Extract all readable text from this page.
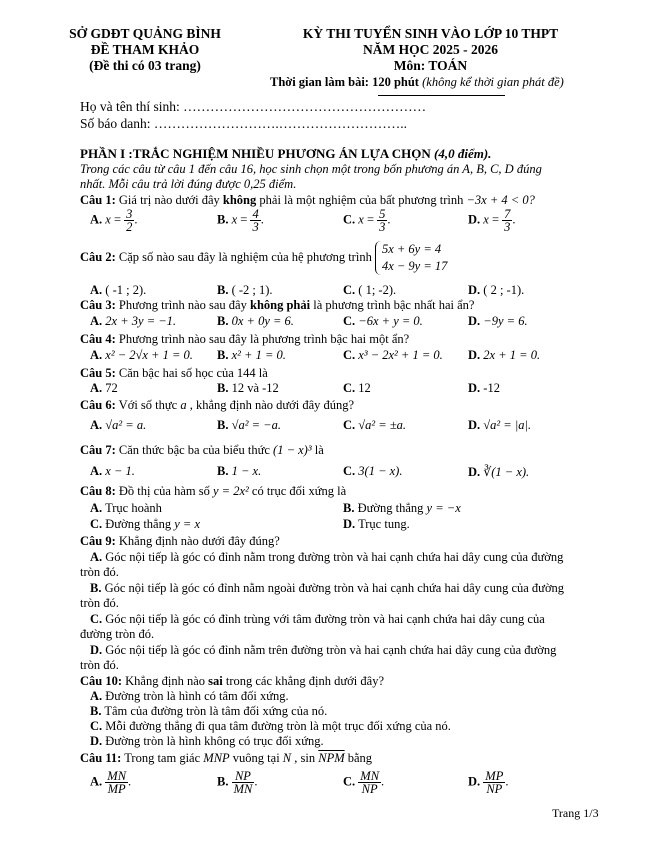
SỞ GDĐT QUẢNG BÌNH
ĐỀ THAM KHẢO
(Đề thi có 03 trang)
KỲ THI TUYỂN SINH VÀO LỚP 10 THPT
NĂM HỌC 2025 - 2026
Môn: TOÁN
Thời gian làm bài: 120 phút (không kể thời gian phát đề)
Họ và tên thí sinh: ………………………………………………
Số báo danh: ……………………….………………………..
PHẦN I :TRẮC NGHIỆM NHIỀU PHƯƠNG ÁN LỰA CHỌN (4,0 điểm).
Trong các câu từ câu 1 đến câu 16, học sinh chọn một trong bốn phương án A, B, C, D đúng
nhất. Mỗi câu trả lời đúng được 0,25 điểm.
Câu 1: Giá trị nào dưới đây không phải là một nghiệm của bất phương trình −3x + 4 < 0?
A. $x = \frac{3}{2}$ .	B. $x = \frac{4}{3}$ .	C. $x = \frac{5}{3}$ .	D. $x = \frac{7}{3}$ .
Câu 2: Cặp số nào sau đây là nghiệm của hệ phương trình
5x + 6y = 4
4x − 9y = 17
A. ( -1 ; 2).	B. ( -2 ; 1).	C. ( 1; -2).	D. ( 2 ; -1).
Câu 3: Phương trình nào sau đây không phải là phương trình bậc nhất hai ẩn?
A. 2x + 3y = −1.	B. 0x + 0y = 6.	C. −6x + y = 0.	D. −9y = 6.
Câu 4: Phương trình nào sau đây là phương trình bậc hai một ẩn?
A. x² − 2√x + 1 = 0. B. x² + 1 = 0.	C. x³ − 2x² + 1 = 0. D. 2x + 1 = 0.
Câu 5: Căn bậc hai số học của 144 là
A. 72	B. 12 và -12	C. 12	D. -12
Câu 6: Với số thực a , khẳng định nào dưới đây đúng?
A. √a² = a.	B. √a² = −a.	C. √a² = ±a.	D. √a² = |a|.
Câu 7: Căn thức bậc ba của biểu thức (1 − x)³ là
A. x − 1.	B. 1 − x.	C. 3(1 − x).	D. ∛(1 − x).
Câu 8: Đồ thị của hàm số y = 2x² có trục đối xứng là
A. Trục hoành	B. Đường thẳng y = −x
C. Đường thẳng y = x	D. Trục tung.
Câu 9: Khẳng định nào dưới đây đúng?
A. Góc nội tiếp là góc có đỉnh nằm trong đường tròn và hai cạnh chứa hai dây cung của đường
tròn đó.
B. Góc nội tiếp là góc có đỉnh nằm ngoài đường tròn và hai cạnh chứa hai dây cung của đường
tròn đó.
C. Góc nội tiếp là góc có đỉnh trùng với tâm đường tròn và hai cạnh chứa hai dây cung của
đường tròn đó.
D. Góc nội tiếp là góc có đỉnh nằm trên đường tròn và hai cạnh chứa hai dây cung của đường
tròn đó.
Câu 10: Khẳng định nào sai trong các khẳng định dưới đây?
A. Đường tròn là hình có tâm đối xứng.
B. Tâm của đường tròn là tâm đối xứng của nó.
C. Mỗi đường thẳng đi qua tâm đường tròn là một trục đối xứng của nó.
D. Đường tròn là hình không có trục đối xứng.
Câu 11: Trong tam giác MNP vuông tại N , $\sin \overline{NPM}$ bằng
A. $\frac{MN}{MP}$ .	B. $\frac{NP}{MN}$ .	C. $\frac{MN}{NP}$ .	D. $\frac{MP}{NP}$ .
Trang 1/3
